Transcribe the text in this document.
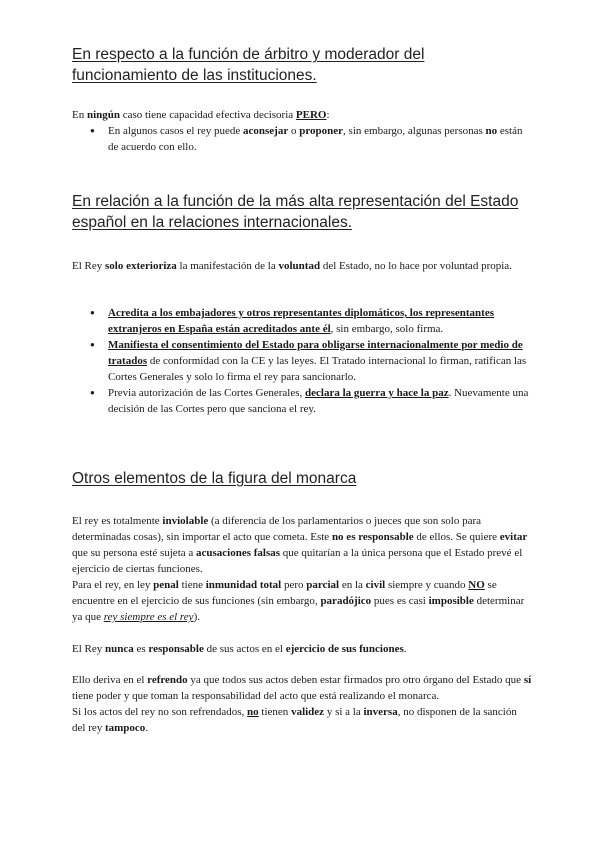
En respecto a la función de árbitro y moderador del funcionamiento de las instituciones.
En ningún caso tiene capacidad efectiva decisoria PERO:
● En algunos casos el rey puede aconsejar o proponer, sin embargo, algunas personas no están de acuerdo con ello.
En relación a la función de la más alta representación del Estado español en la relaciones internacionales.
El Rey solo exterioriza la manifestación de la voluntad del Estado, no lo hace por voluntad propia.
● Acredita a los embajadores y otros representantes diplomáticos, los representantes extranjeros en España están acreditados ante él, sin embargo, solo firma.
● Manifiesta el consentimiento del Estado para obligarse internacionalmente por medio de tratados de conformidad con la CE y las leyes. El Tratado internacional lo firman, ratifican las Cortes Generales y solo lo firma el rey para sancionarlo.
● Previa autorización de las Cortes Generales, declara la guerra y hace la paz. Nuevamente una decisión de las Cortes pero que sanciona el rey.
Otros elementos de la figura del monarca
El rey es totalmente inviolable (a diferencia de los parlamentarios o jueces que son solo para determinadas cosas), sin importar el acto que cometa. Este no es responsable de ellos. Se quiere evitar que su persona esté sujeta a acusaciones falsas que quitarían a la única persona que el Estado prevé el ejercicio de ciertas funciones.
Para el rey, en ley penal tiene inmunidad total pero parcial en la civil siempre y cuando NO se encuentre en el ejercicio de sus funciones (sin embargo, paradójico pues es casi imposible determinar ya que rey siempre es el rey).
El Rey nunca es responsable de sus actos en el ejercicio de sus funciones.
Ello deriva en el refrendo ya que todos sus actos deben estar firmados pro otro órgano del Estado que sí tiene poder y que toman la responsabilidad del acto que está realizando el monarca.
Si los actos del rey no son refrendados, no tienen validez y si a la inversa, no disponen de la sanción del rey tampoco.
